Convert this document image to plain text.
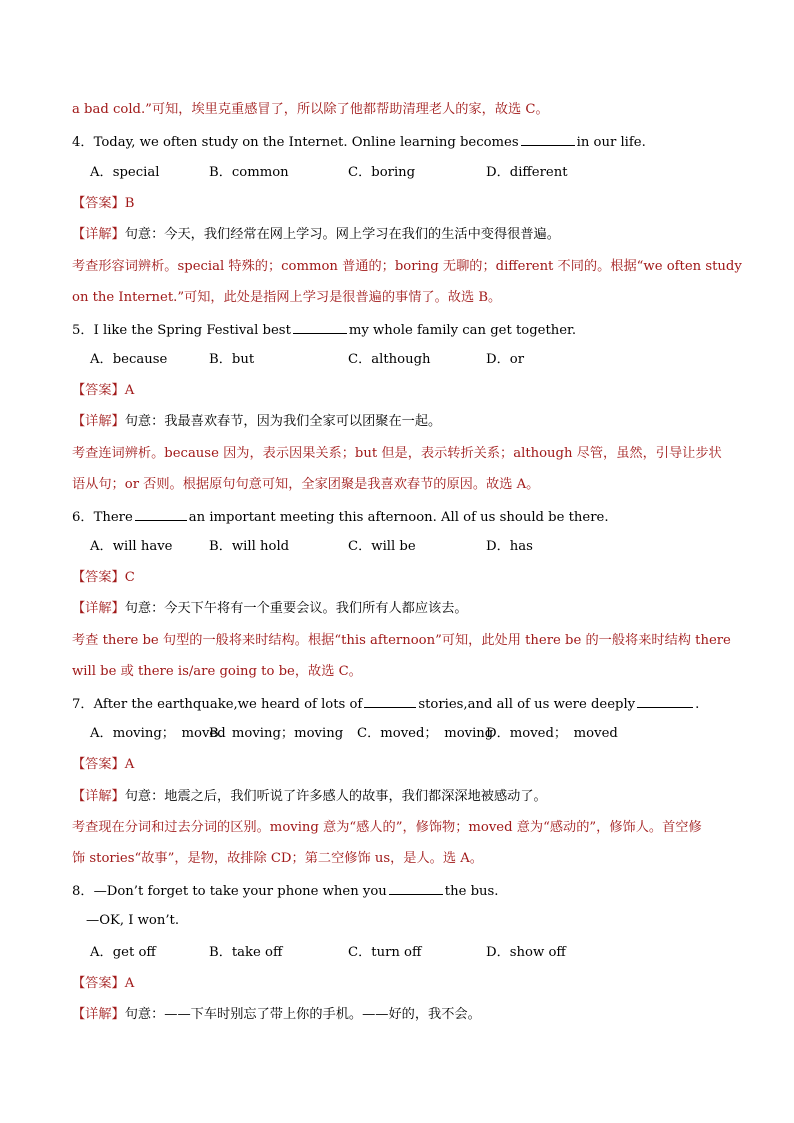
a bad cold.”可知，埃里克重感冒了，所以除了他都帮助清理老人的家，故选 C。
4．Today, we often study on the Internet. Online learning becomes	in our life.
A．special	B．common	C．boring	D．different
【答案】B
【详解】句意：今天，我们经常在网上学习。网上学习在我们的生活中变得很普遍。
考查形容词辨析。special 特殊的；common 普通的；boring 无聊的；different 不同的。根据“we often study
on the Internet.”可知，此处是指网上学习是很普遍的事情了。故选 B。
5．I like the Spring Festival best	my whole family can get together.
A．because	B．but	C．although	D．or
【答案】A
【详解】句意：我最喜欢春节，因为我们全家可以团聚在一起。
考查连词辨析。because 因为，表示因果关系；but 但是，表示转折关系；although 尽管，虽然，引导让步状
语从句；or 否则。根据原句句意可知，全家团聚是我喜欢春节的原因。故选 A。
6．There	an important meeting this afternoon. All of us should be there.
A．will have	B．will hold	C．will be	D．has
【答案】C
【详解】句意：今天下午将有一个重要会议。我们所有人都应该去。
考查 there be 句型的一般将来时结构。根据“this afternoon”可知，此处用 there be 的一般将来时结构 there
will be 或 there is/are going to be，故选 C。
7．After the earthquake,we heard of lots of	stories,and all of us were deeply	.
A．moving；　moved
B．moving；moving C．moved；　moving
D．moved；　moved
【答案】A
【详解】句意：地震之后，我们听说了许多感人的故事，我们都深深地被感动了。
考查现在分词和过去分词的区别。moving 意为“感人的”，修饰物；moved 意为“感动的”，修饰人。首空修
饰 stories“故事”，是物，故排除 CD；第二空修饰 us，是人。选 A。
8．—Don’t forget to take your phone when you	the bus.
—OK, I won’t.
A．get off	B．take off	C．turn off	D．show off
【答案】A
【详解】句意：——下车时别忘了带上你的手机。——好的，我不会。
